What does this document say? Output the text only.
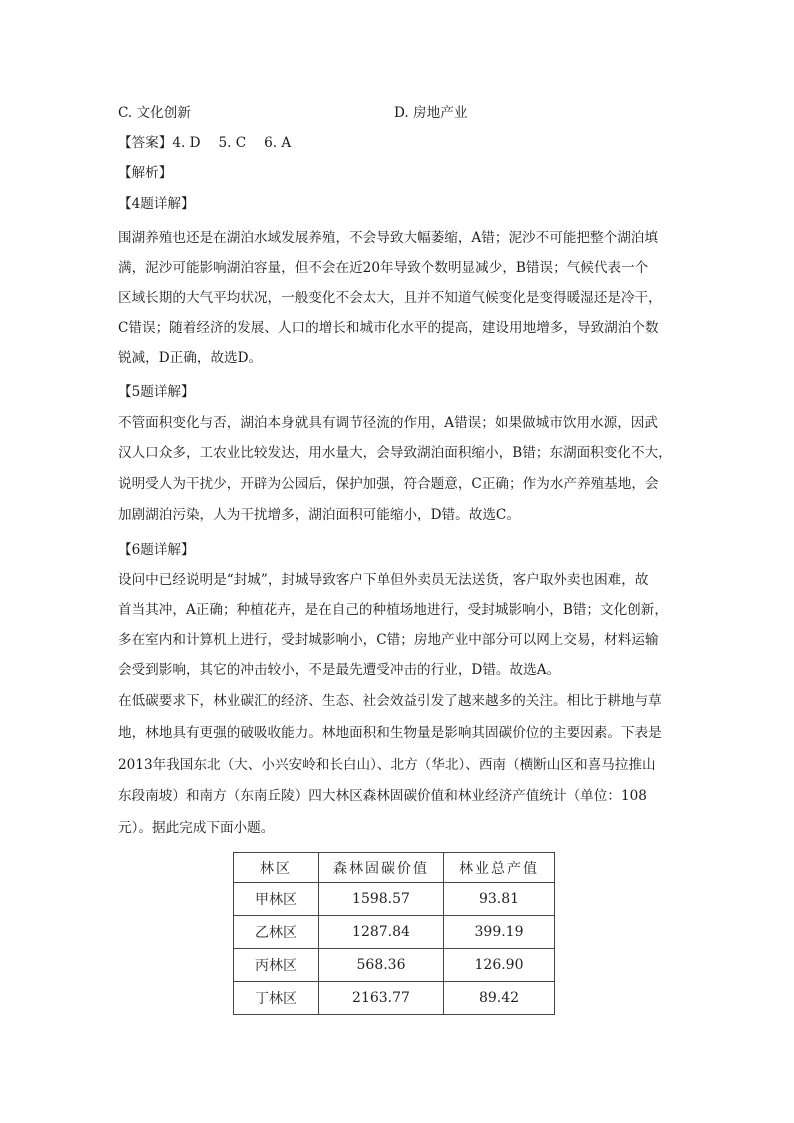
C. 文化创新	D. 房地产业
【答案】4. D　 5. C　 6. A
【解析】
【4题详解】
围湖养殖也还是在湖泊水域发展养殖，不会导致大幅萎缩，A错；泥沙不可能把整个湖泊填
满，泥沙可能影响湖泊容量，但不会在近20年导致个数明显减少，B错误；气候代表一个
区域长期的大气平均状况，一般变化不会太大，且并不知道气候变化是变得暖湿还是冷干，
C错误；随着经济的发展、人口的增长和城市化水平的提高，建设用地增多，导致湖泊个数
锐减，D正确，故选D。
【5题详解】
不管面积变化与否，湖泊本身就具有调节径流的作用，A错误；如果做城市饮用水源，因武
汉人口众多，工农业比较发达，用水量大，会导致湖泊面积缩小，B错；东湖面积变化不大，
说明受人为干扰少，开辟为公园后，保护加强，符合题意，C正确；作为水产养殖基地，会
加剧湖泊污染，人为干扰增多，湖泊面积可能缩小，D错。故选C。
【6题详解】
设问中已经说明是“封城”，封城导致客户下单但外卖员无法送货，客户取外卖也困难，故
首当其冲，A正确；种植花卉，是在自己的种植场地进行，受封城影响小，B错；文化创新，
多在室内和计算机上进行，受封城影响小，C错；房地产业中部分可以网上交易，材料运输
会受到影响，其它的冲击较小，不是最先遭受冲击的行业，D错。故选A。
在低碳要求下，林业碳汇的经济、生态、社会效益引发了越来越多的关注。相比于耕地与草
地，林地具有更强的破吸收能力。林地面积和生物量是影响其固碳价位的主要因素。下表是
2013年我国东北（大、小兴安岭和长白山）、北方（华北）、西南（横断山区和喜马拉推山
东段南坡）和南方（东南丘陵）四大林区森林固碳价值和林业经济产值统计（单位：108
元）。据此完成下面小题。
林区	森林固碳价值	林业总产值
甲林区	1598.57	93.81
乙林区	1287.84	399.19
丙林区	568.36	126.90
丁林区	2163.77	89.42
